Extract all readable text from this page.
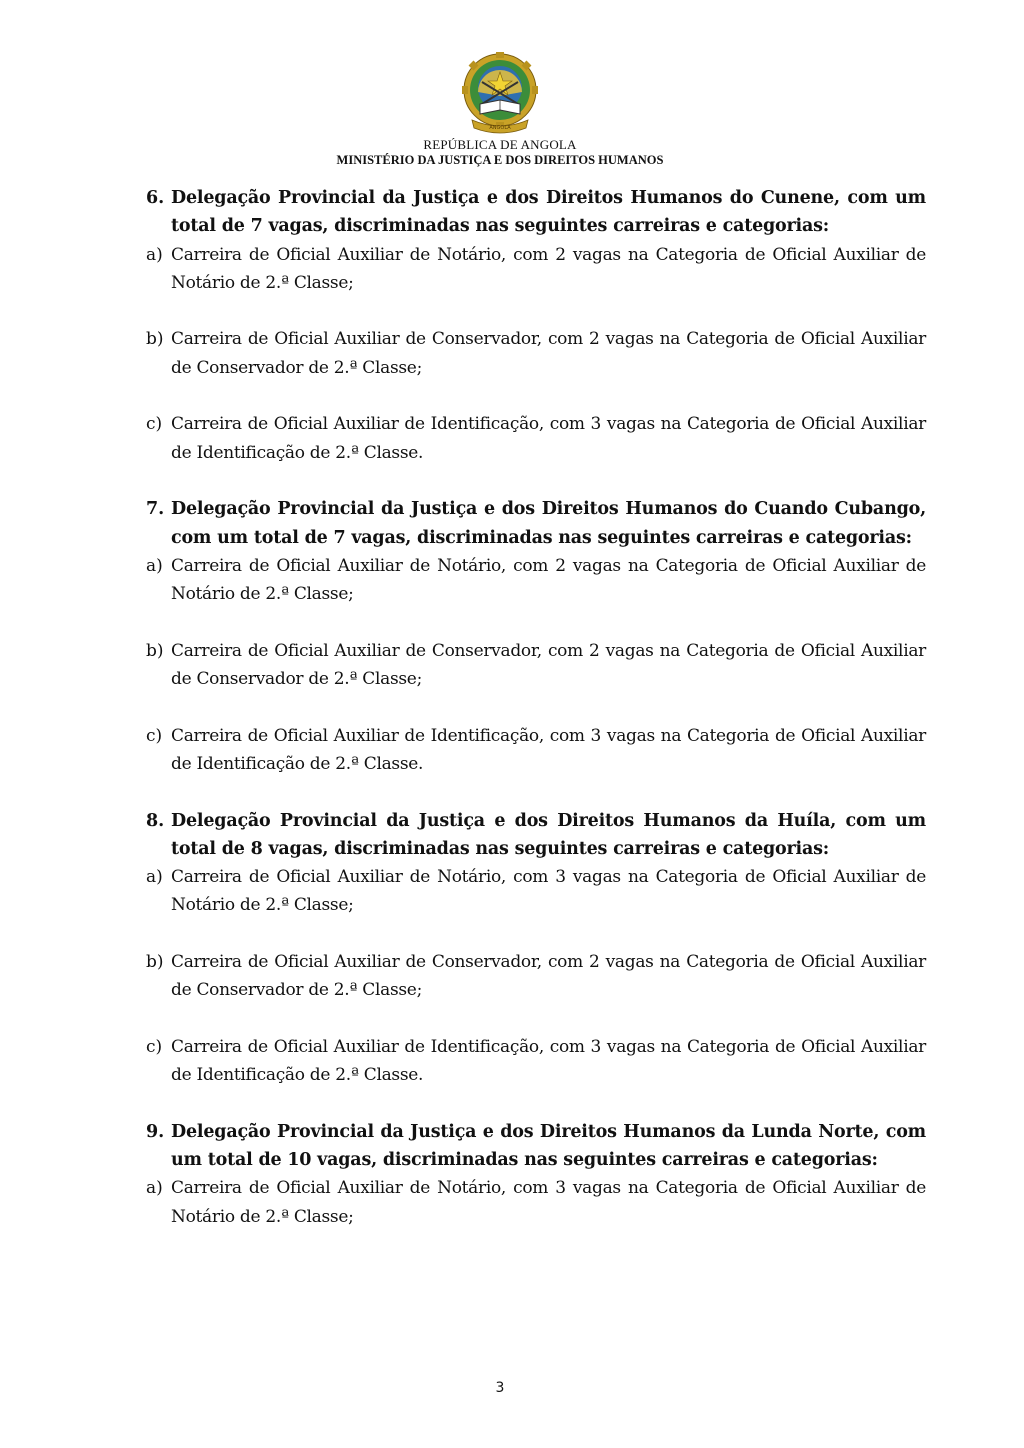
ANGOLA
REPÚBLICA DE ANGOLA
MINISTÉRIO DA JUSTIÇA E DOS DIREITOS HUMANOS
6. Delegação Provincial da Justiça e dos Direitos Humanos do Cunene, com um total de 7 vagas, discriminadas nas seguintes carreiras e categorias:
a) Carreira de Oficial Auxiliar de Notário, com 2 vagas na Categoria de Oficial Auxiliar de Notário de 2.ª Classe;
b) Carreira de Oficial Auxiliar de Conservador, com 2 vagas na Categoria de Oficial Auxiliar de Conservador de 2.ª Classe;
c) Carreira de Oficial Auxiliar de Identificação, com 3 vagas na Categoria de Oficial Auxiliar de Identificação de 2.ª Classe.
7. Delegação Provincial da Justiça e dos Direitos Humanos do Cuando Cubango, com um total de 7 vagas, discriminadas nas seguintes carreiras e categorias:
a) Carreira de Oficial Auxiliar de Notário, com 2 vagas na Categoria de Oficial Auxiliar de Notário de 2.ª Classe;
b) Carreira de Oficial Auxiliar de Conservador, com 2 vagas na Categoria de Oficial Auxiliar de Conservador de 2.ª Classe;
c) Carreira de Oficial Auxiliar de Identificação, com 3 vagas na Categoria de Oficial Auxiliar de Identificação de 2.ª Classe.
8. Delegação Provincial da Justiça e dos Direitos Humanos da Huíla, com um total de 8 vagas, discriminadas nas seguintes carreiras e categorias:
a) Carreira de Oficial Auxiliar de Notário, com 3 vagas na Categoria de Oficial Auxiliar de Notário de 2.ª Classe;
b) Carreira de Oficial Auxiliar de Conservador, com 2 vagas na Categoria de Oficial Auxiliar de Conservador de 2.ª Classe;
c) Carreira de Oficial Auxiliar de Identificação, com 3 vagas na Categoria de Oficial Auxiliar de Identificação de 2.ª Classe.
9. Delegação Provincial da Justiça e dos Direitos Humanos da Lunda Norte, com um total de 10 vagas, discriminadas nas seguintes carreiras e categorias:
a) Carreira de Oficial Auxiliar de Notário, com 3 vagas na Categoria de Oficial Auxiliar de Notário de 2.ª Classe;
3
